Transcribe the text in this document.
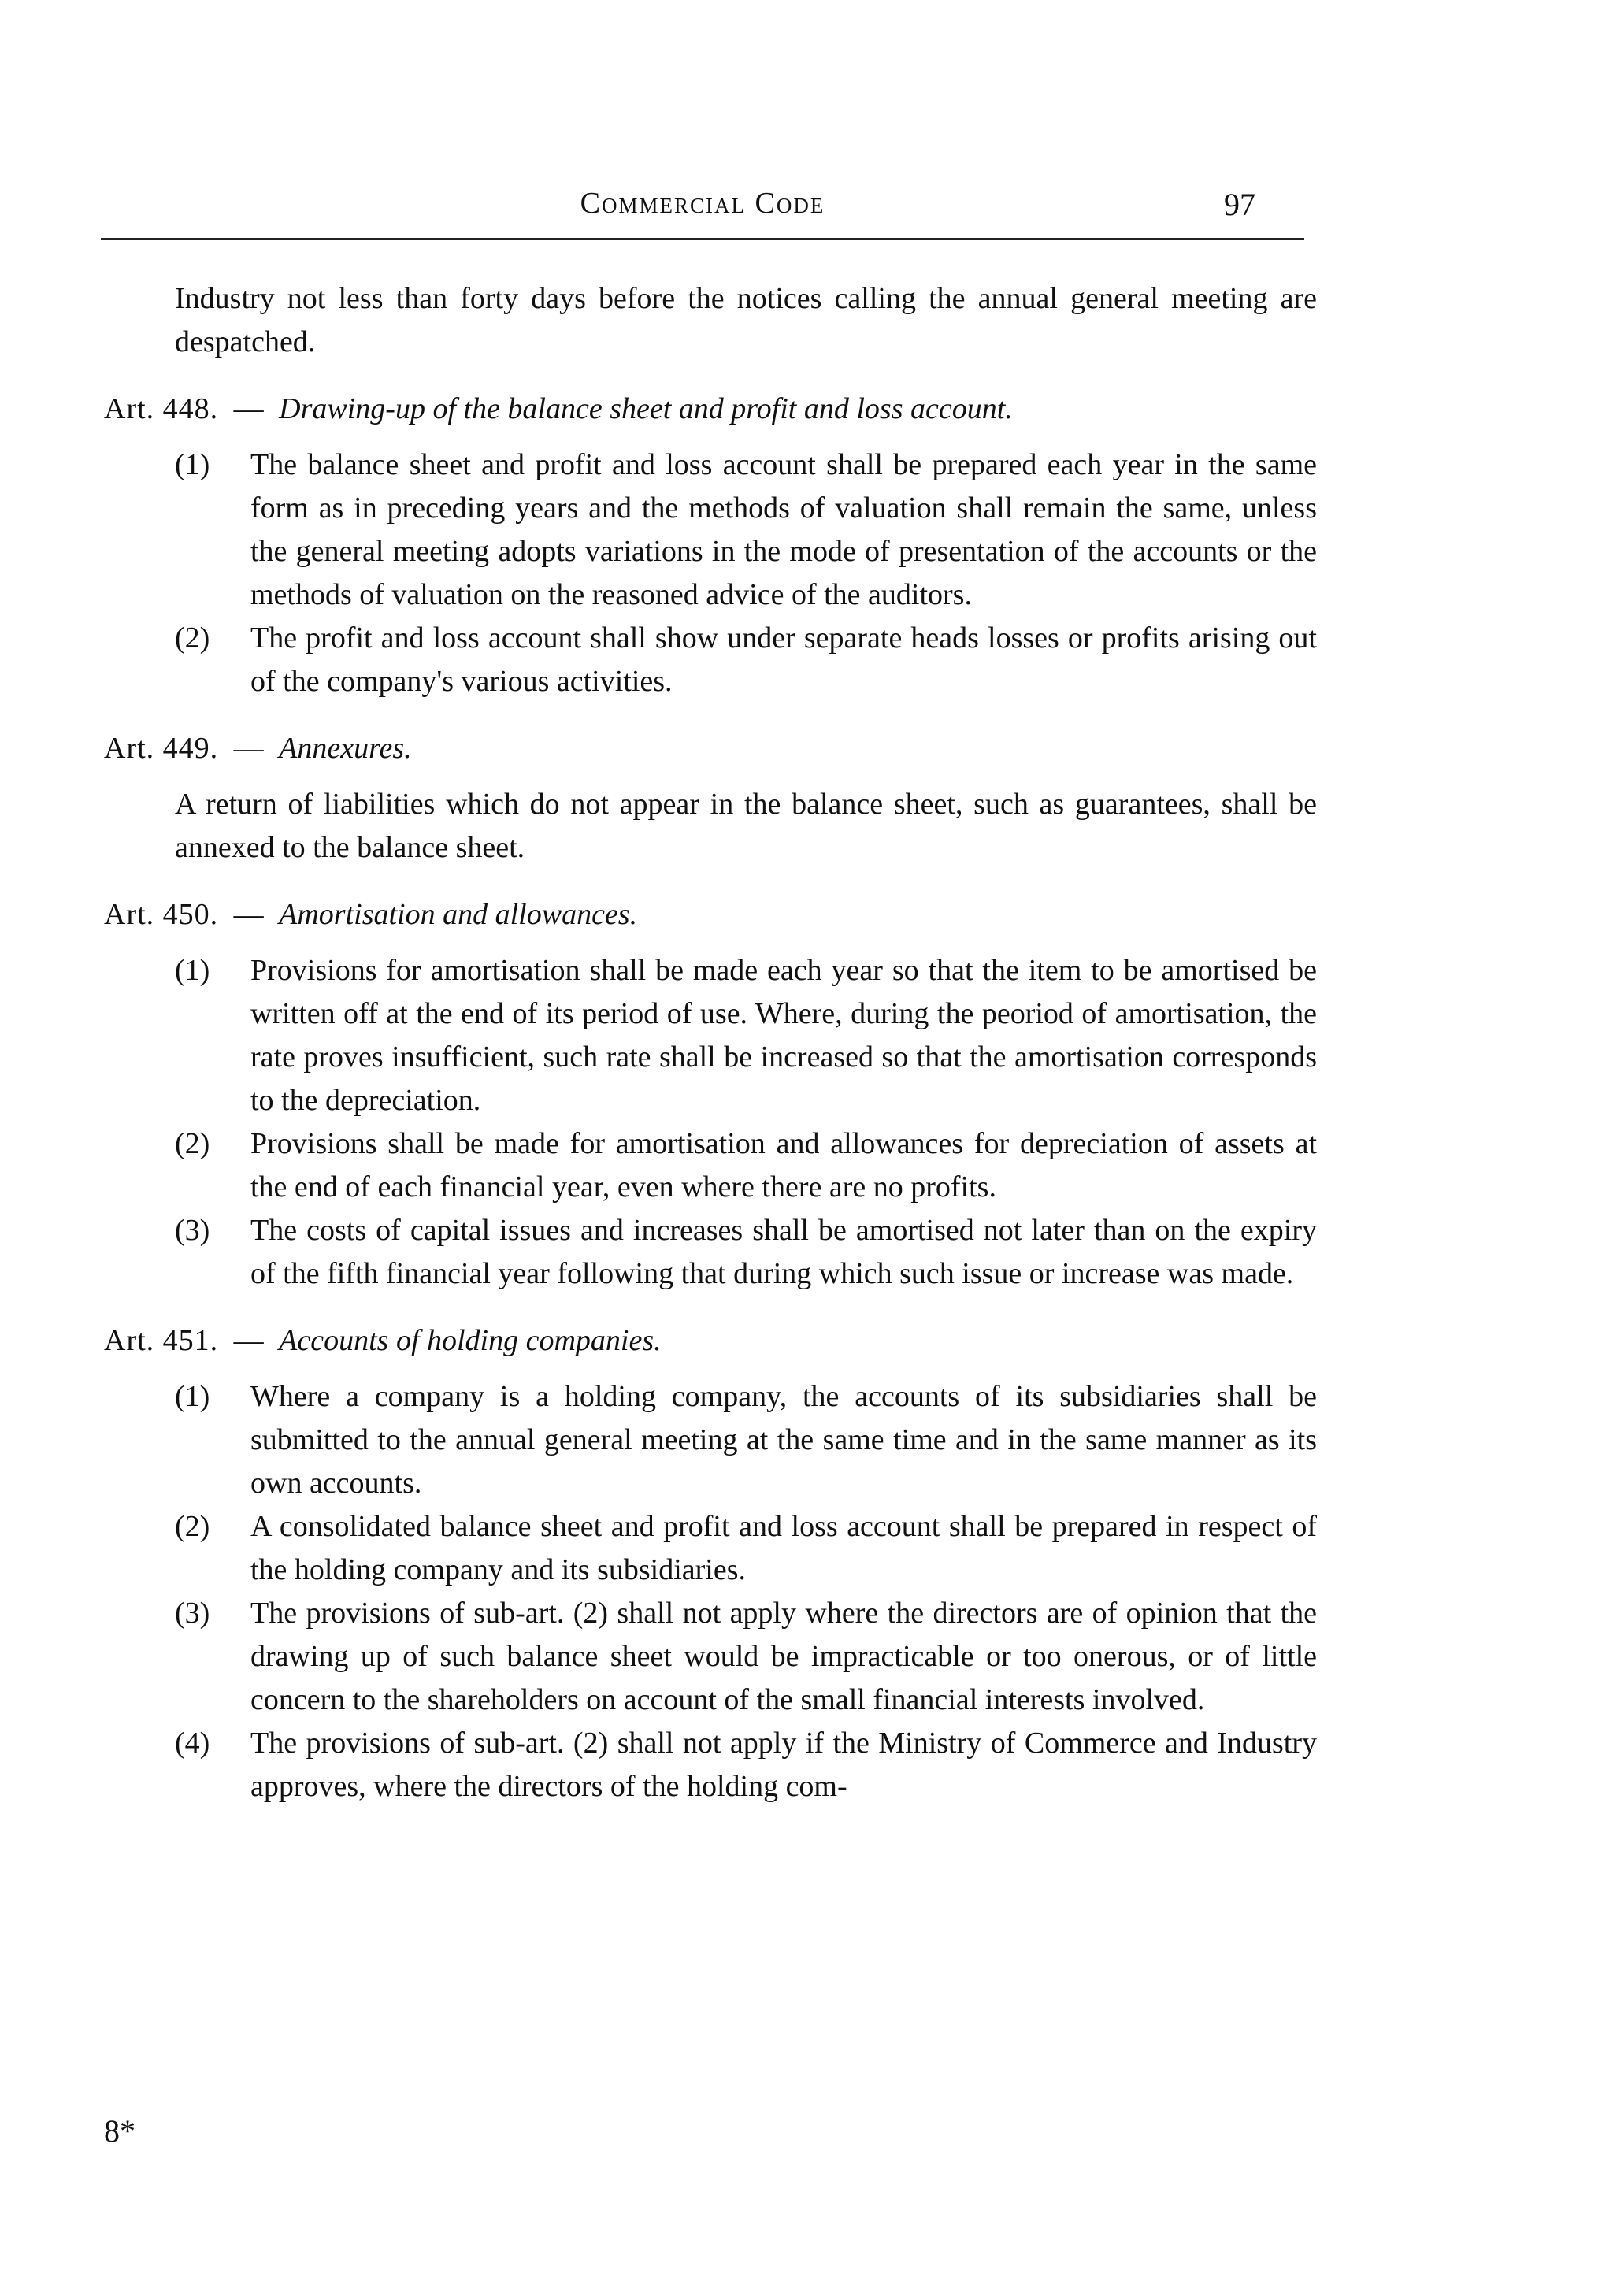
Commercial Code	97
Industry not less than forty days before the notices calling the annual general meeting are despatched.
Art. 448. — Drawing-up of the balance sheet and profit and loss account.
(1) The balance sheet and profit and loss account shall be prepared each year in the same form as in preceding years and the methods of valuation shall remain the same, unless the general meeting adopts variations in the mode of presentation of the accounts or the methods of valuation on the reasoned advice of the auditors.
(2) The profit and loss account shall show under separate heads losses or profits arising out of the company's various activities.
Art. 449. — Annexures.
A return of liabilities which do not appear in the balance sheet, such as guarantees, shall be annexed to the balance sheet.
Art. 450. — Amortisation and allowances.
(1) Provisions for amortisation shall be made each year so that the item to be amortised be written off at the end of its period of use. Where, during the peoriod of amortisation, the rate proves insufficient, such rate shall be increased so that the amortisation corresponds to the depreciation.
(2) Provisions shall be made for amortisation and allowances for depreciation of assets at the end of each financial year, even where there are no profits.
(3) The costs of capital issues and increases shall be amortised not later than on the expiry of the fifth financial year following that during which such issue or increase was made.
Art. 451. — Accounts of holding companies.
(1) Where a company is a holding company, the accounts of its subsidiaries shall be submitted to the annual general meeting at the same time and in the same manner as its own accounts.
(2) A consolidated balance sheet and profit and loss account shall be prepared in respect of the holding company and its subsidiaries.
(3) The provisions of sub-art. (2) shall not apply where the directors are of opinion that the drawing up of such balance sheet would be impracticable or too onerous, or of little concern to the shareholders on account of the small financial interests involved.
(4) The provisions of sub-art. (2) shall not apply if the Ministry of Commerce and Industry approves, where the directors of the holding com-
8*
